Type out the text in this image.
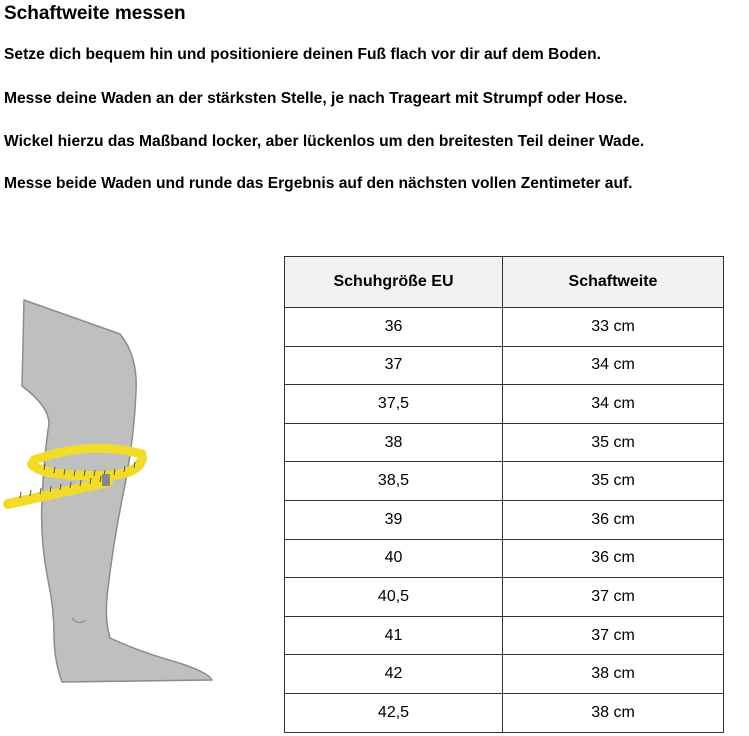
Schaftweite messen
Setze dich bequem hin und positioniere deinen Fuß flach vor dir auf dem Boden.
Messe deine Waden an der stärksten Stelle, je nach Trageart mit Strumpf oder Hose.
Wickel hierzu das Maßband locker, aber lückenlos um den breitesten Teil deiner Wade.
Messe beide Waden und runde das Ergebnis auf den nächsten vollen Zentimeter auf.
Schuhgröße EU	Schaftweite
36	33 cm
37	34 cm
37,5	34 cm
38	35 cm
38,5	35 cm
39	36 cm
40	36 cm
40,5	37 cm
41	37 cm
42	38 cm
42,5	38 cm
